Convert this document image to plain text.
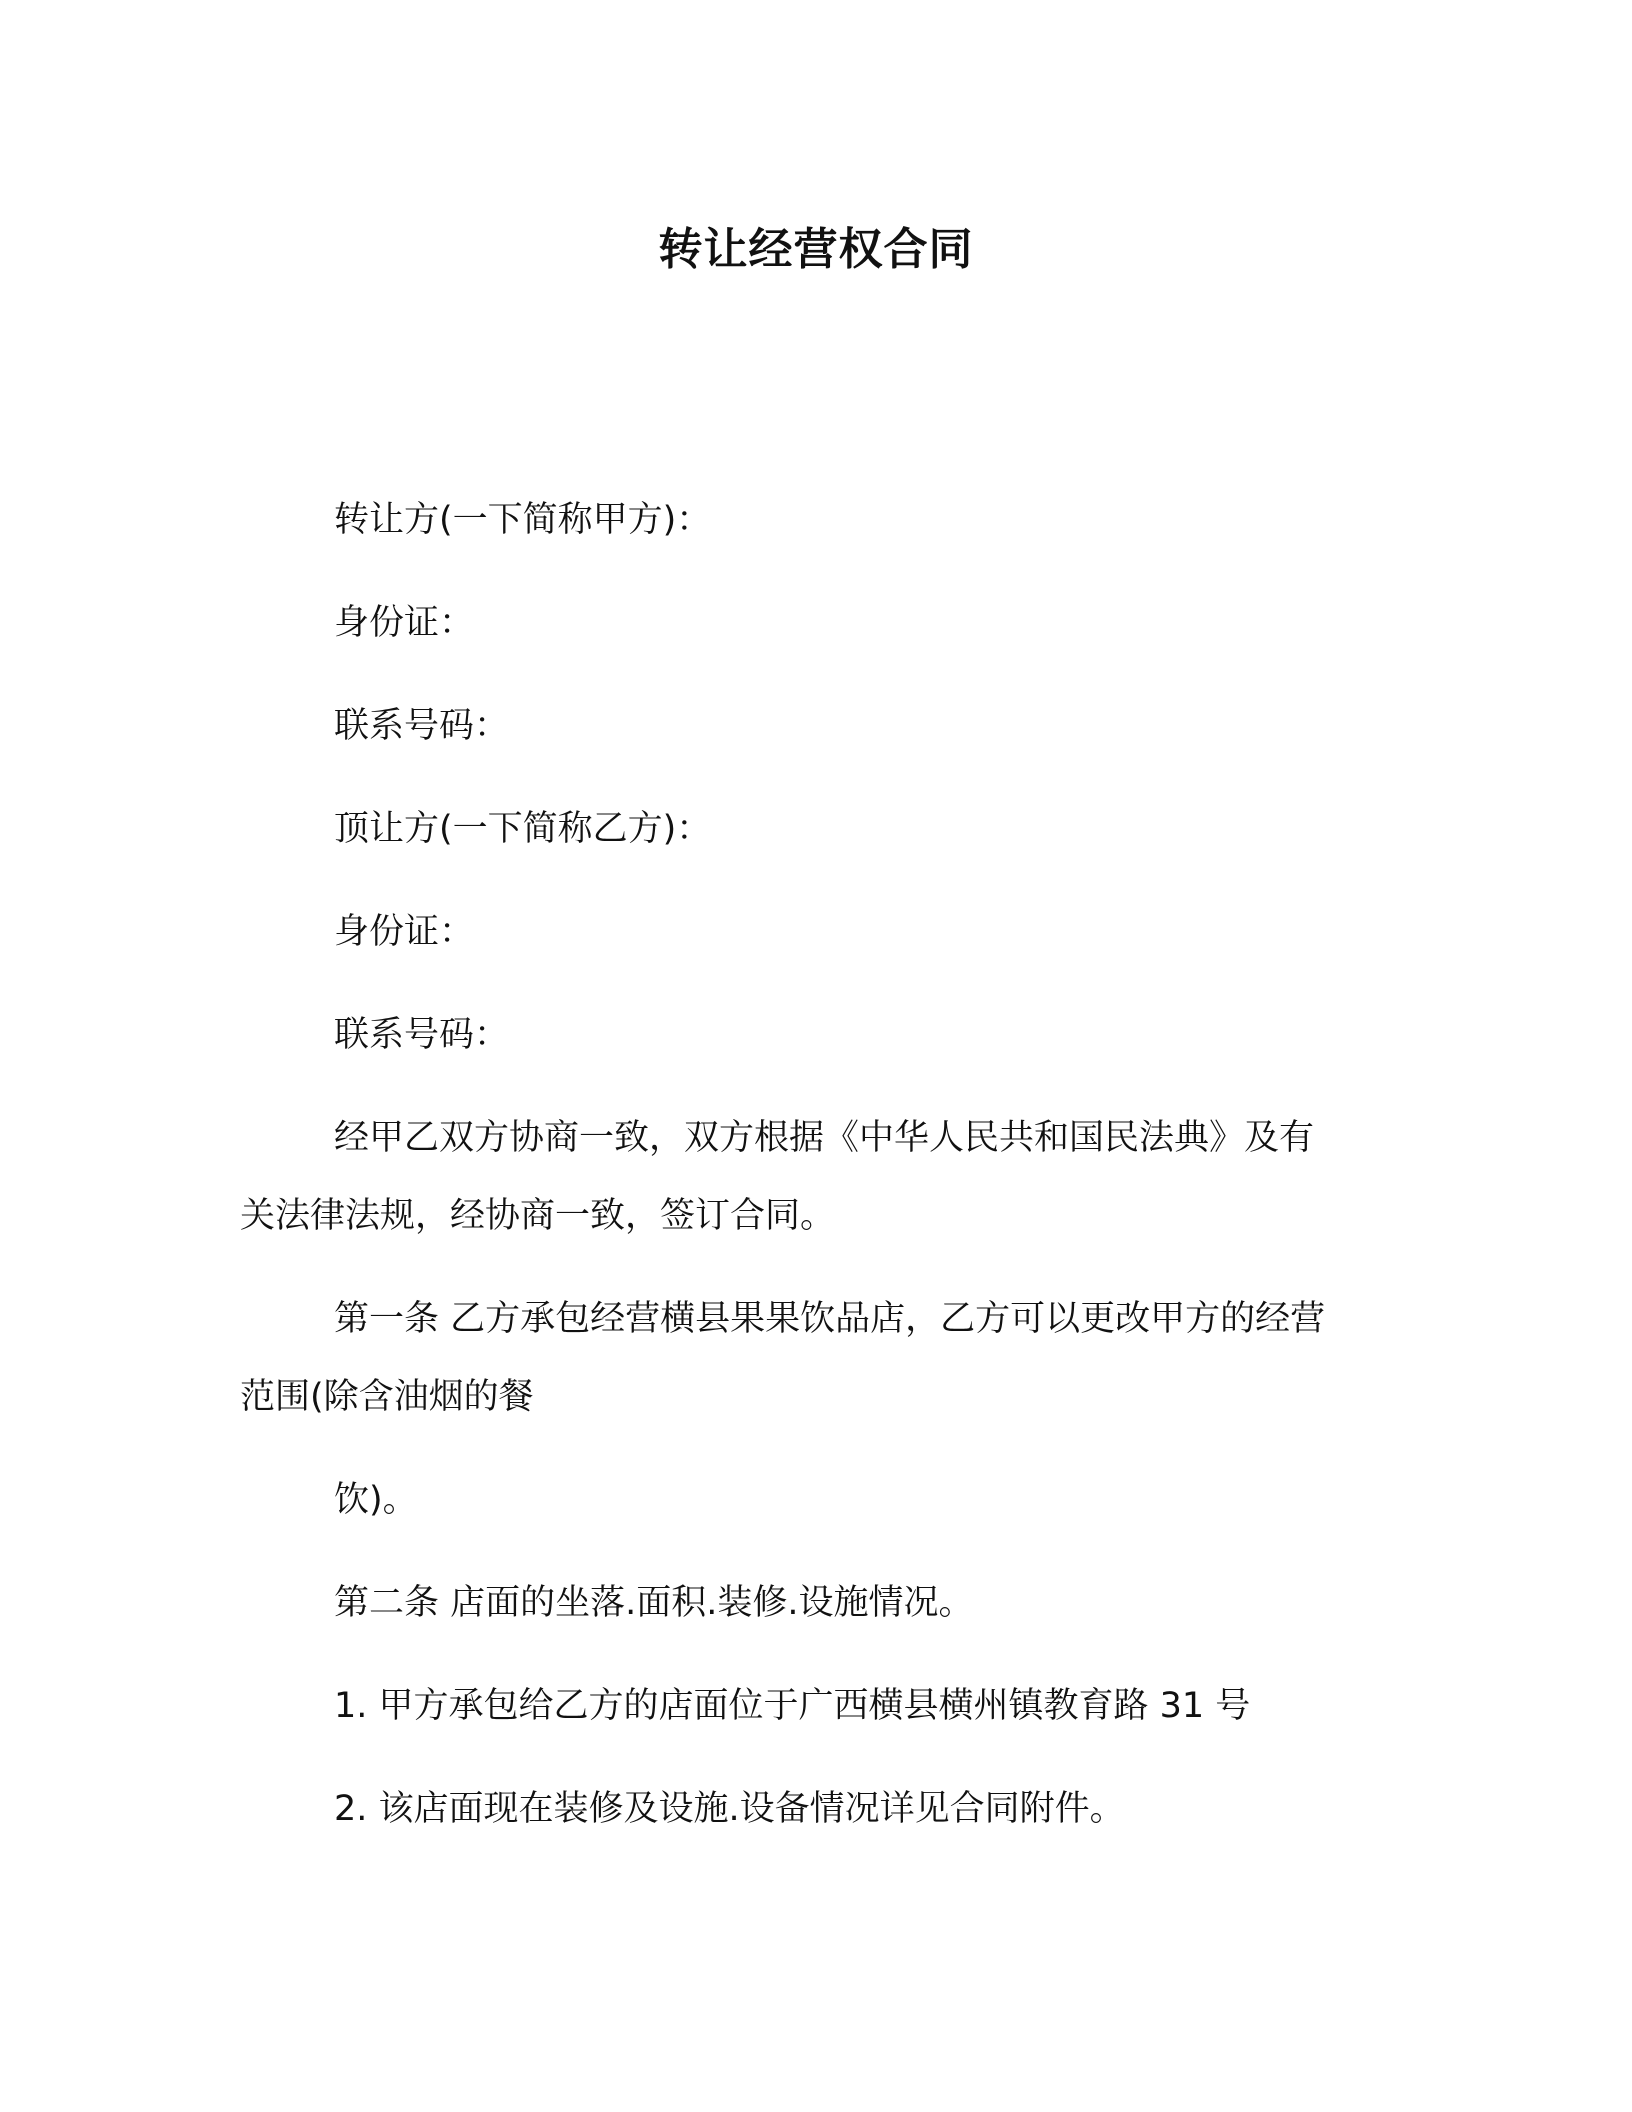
转让经营权合同
转让方(一下简称甲方)：
身份证：
联系号码：
顶让方(一下简称乙方)：
身份证：
联系号码：
经甲乙双方协商一致，双方根据《中华人民共和国民法典》及有
关法律法规，经协商一致，签订合同。
第一条 乙方承包经营横县果果饮品店，乙方可以更改甲方的经营
范围(除含油烟的餐
饮)。
第二条 店面的坐落.面积.装修.设施情况。
1. 甲方承包给乙方的店面位于广西横县横州镇教育路 31 号
2. 该店面现在装修及设施.设备情况详见合同附件。
